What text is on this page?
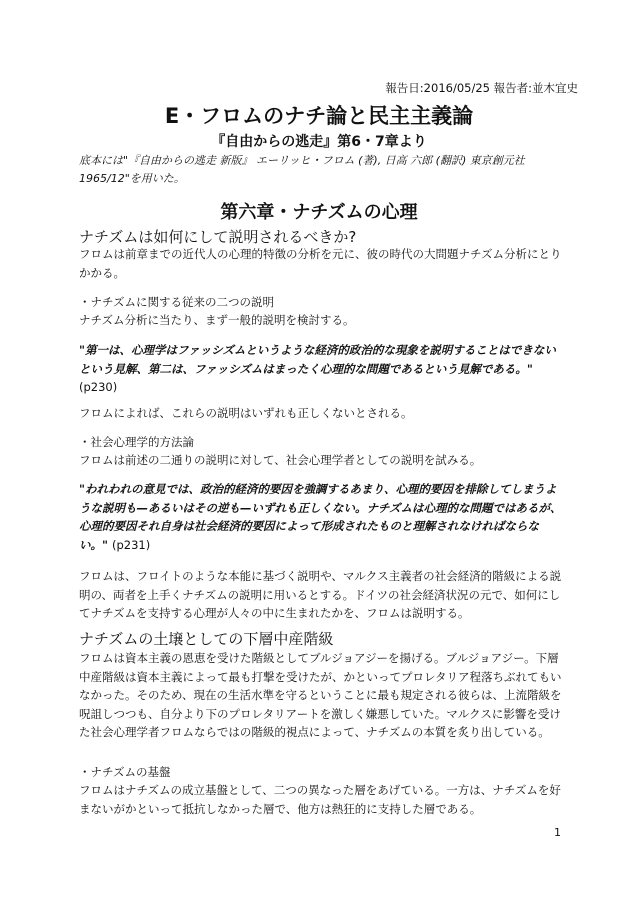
報告日:2016/05/25 報告者:並木宜史
E・フロムのナチ論と民主主義論
『自由からの逃走』第6・7章より
底本には"『自由からの逃走 新版』 エーリッヒ・フロム (著), 日高 六郎 (翻訳) 東京創元社 1965/12"を用いた。
第六章・ナチズムの心理
ナチズムは如何にして説明されるべきか?

フロムは前章までの近代人の心理的特徴の分析を元に、彼の時代の大問題ナチズム分析にとりかかる。

・ナチズムに関する従来の二つの説明

ナチズム分析に当たり、まず一般的説明を検討する。

"第一は、心理学はファッシズムというような経済的政治的な現象を説明することはできないという見解、第二は、ファッシズムはまったく心理的な問題であるという見解である。" (p230)

フロムによれば、これらの説明はいずれも正しくないとされる。

・社会心理学的方法論

フロムは前述の二通りの説明に対して、社会心理学者としての説明を試みる。

"われわれの意見では、政治的経済的要因を強調するあまり、心理的要因を排除してしまうような説明も—あるいはその逆も—いずれも正しくない。ナチズムは心理的な問題ではあるが、心理的要因それ自身は社会経済的要因によって形成されたものと理解されなければならない。" (p231)

フロムは、フロイトのような本能に基づく説明や、マルクス主義者の社会経済的階級による説明の、両者を上手くナチズムの説明に用いるとする。ドイツの社会経済状況の元で、如何にしてナチズムを支持する心理が人々の中に生まれたかを、フロムは説明する。

ナチズムの土壌としての下層中産階級

フロムは資本主義の恩恵を受けた階級としてブルジョアジーを揚げる。ブルジョアジー。下層中産階級は資本主義によって最も打撃を受けたが、かといってプロレタリア程落ちぶれてもいなかった。そのため、現在の生活水準を守るということに最も規定される彼らは、上流階級を呪詛しつつも、自分より下のプロレタリアートを激しく嫌悪していた。マルクスに影響を受けた社会心理学者フロムならではの階級的視点によって、ナチズムの本質を炙り出している。

・ナチズムの基盤

フロムはナチズムの成立基盤として、二つの異なった層をあげている。一方は、ナチズムを好まないがかといって抵抗しなかった層で、他方は熱狂的に支持した層である。

1
